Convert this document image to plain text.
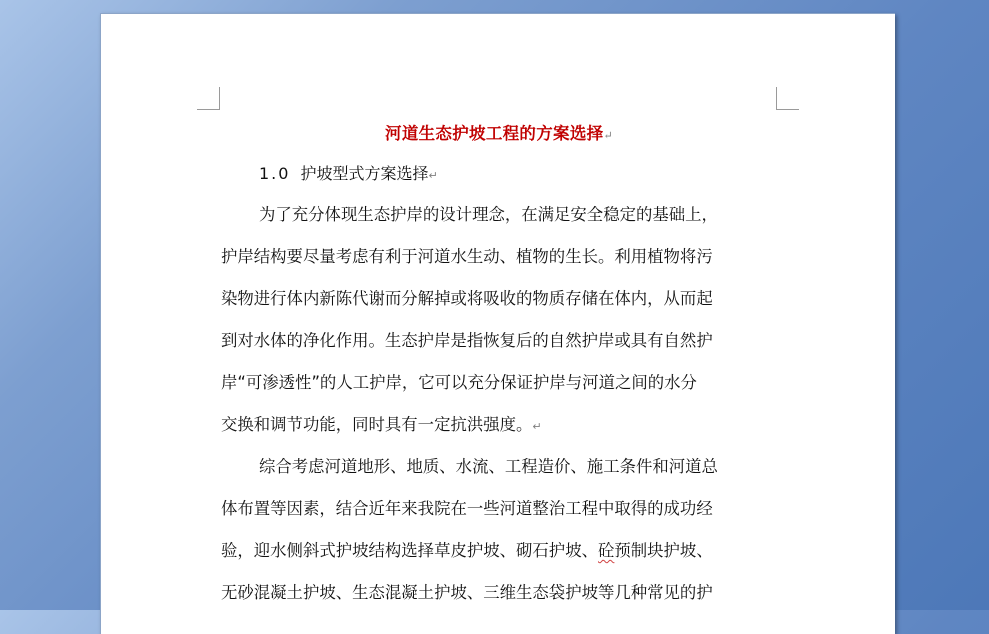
河道生态护坡工程的方案选择↵
1.0 护坡型式方案选择↵
为了充分体现生态护岸的设计理念，在满足安全稳定的基础上，
护岸结构要尽量考虑有利于河道水生动、植物的生长。利用植物将污
染物进行体内新陈代谢而分解掉或将吸收的物质存储在体内，从而起
到对水体的净化作用。生态护岸是指恢复后的自然护岸或具有自然护
岸“可渗透性”的人工护岸，它可以充分保证护岸与河道之间的水分
交换和调节功能，同时具有一定抗洪强度。↵
综合考虑河道地形、地质、水流、工程造价、施工条件和河道总
体布置等因素，结合近年来我院在一些河道整治工程中取得的成功经
验，迎水侧斜式护坡结构选择草皮护坡、砌石护坡、砼预制块护坡、
无砂混凝土护坡、生态混凝土护坡、三维生态袋护坡等几种常见的护
